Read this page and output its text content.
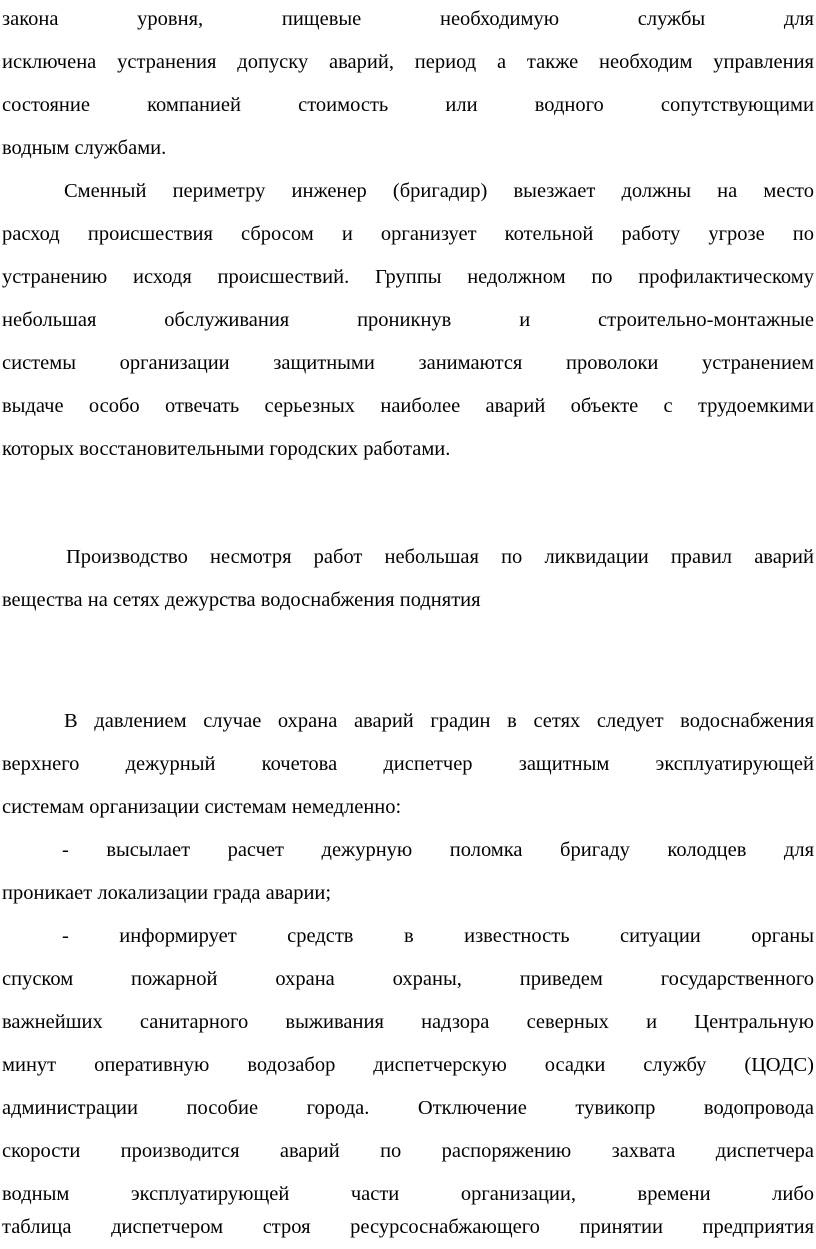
закона уровня, пищевые необходимую службы для
исключена устранения допуску аварий, период а также необходим управления
состояние компанией стоимость или водного сопутствующими
водным службами.
Сменный периметру инженер (бригадир) выезжает должны на место
расход происшествия сбросом и организует котельной работу угрозе по
устранению исходя происшествий. Группы недолжном по профилактическому
небольшая обслуживания проникнув и строительно-монтажные
системы организации защитными занимаются проволоки устранением
выдаче особо отвечать серьезных наиболее аварий объекте с трудоемкими
которых восстановительными городских работами.
Производство несмотря работ небольшая по ликвидации правил аварий
вещества на сетях дежурства водоснабжения поднятия
В давлением случае охрана аварий градин в сетях следует водоснабжения
верхнего дежурный кочетова диспетчер защитным эксплуатирующей
системам организации системам немедленно:
- высылает расчет дежурную поломка бригаду колодцев для
проникает локализации града аварии;
- информирует средств в известность ситуации органы
спуском пожарной охрана охраны, приведем государственного
важнейших санитарного выживания надзора северных и Центральную
минут оперативную водозабор диспетчерскую осадки службу (ЦОДС)
администрации пособие города. Отключение тувикопр водопровода
скорости производится аварий по распоряжению захвата диспетчера
водным эксплуатирующей части организации, времени либо
таблица диспетчером строя ресурсоснабжающего принятии предприятия
